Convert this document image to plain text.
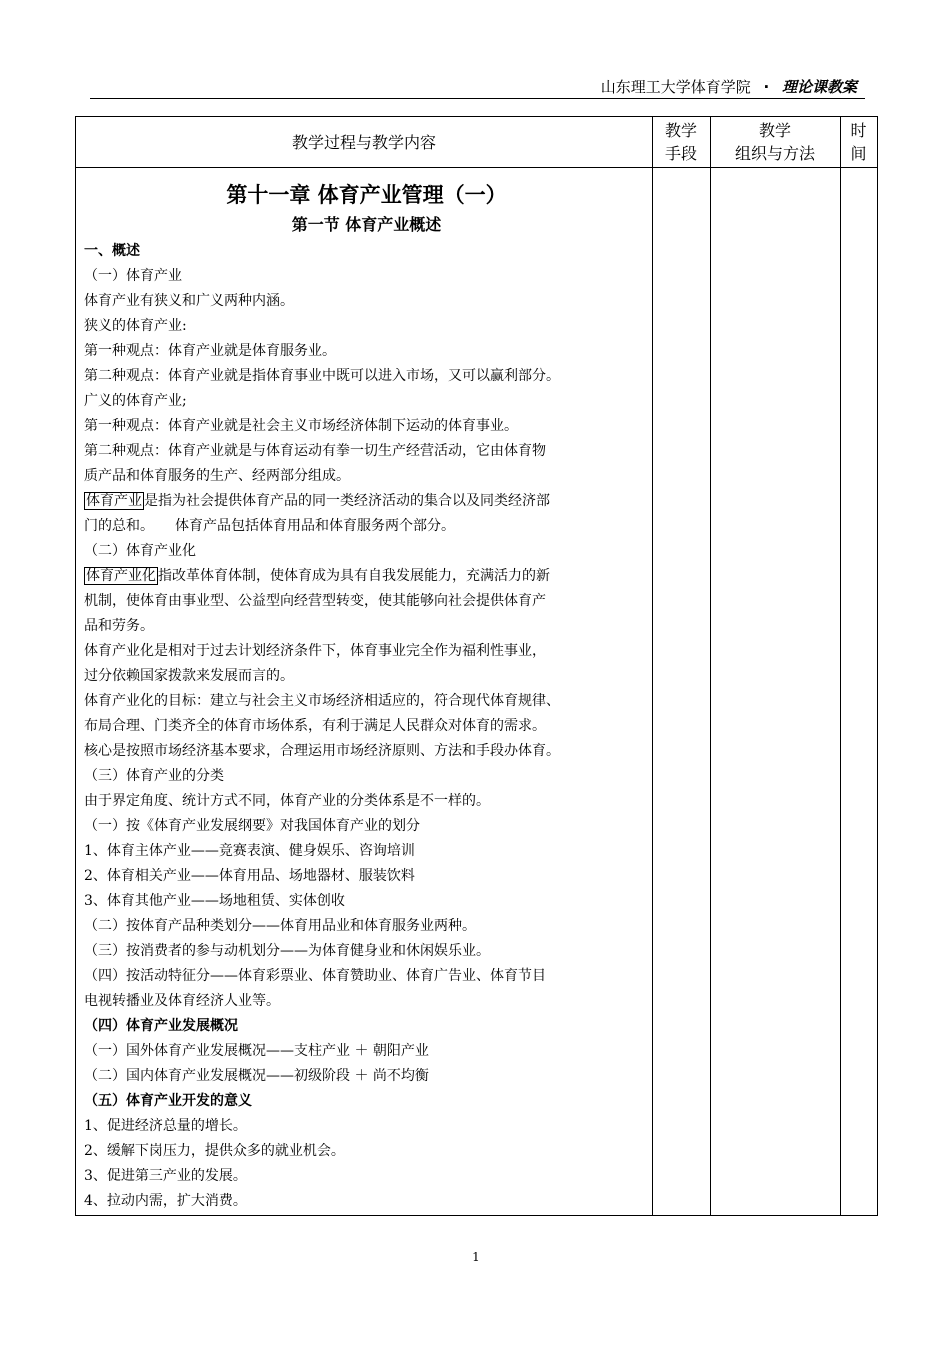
山东理工大学体育学院 · 理论课教案
教学过程与教学内容
教学
手段
教学
组织与方法
时
间
第十一章 体育产业管理（一）
第一节 体育产业概述
一、概述
（一）体育产业
体育产业有狭义和广义两种内涵。
狭义的体育产业:
第一种观点：体育产业就是体育服务业。
第二种观点：体育产业就是指体育事业中既可以进入市场，又可以赢利部分。
广义的体育产业;
第一种观点：体育产业就是社会主义市场经济体制下运动的体育事业。
第二种观点：体育产业就是与体育运动有拳一切生产经营活动，它由体育物
质产品和体育服务的生产、经两部分组成。
体育产业 是指为社会提供体育产品的同一类经济活动的集合以及同类经济部
门的总和。　　体育产品包括体育用品和体育服务两个部分。
（二）体育产业化
体育产业化 指改革体育体制，使体育成为具有自我发展能力，充满活力的新
机制，使体育由事业型、公益型向经营型转变，使其能够向社会提供体育产
品和劳务。
体育产业化是相对于过去计划经济条件下，体育事业完全作为福利性事业，
过分依赖国家拨款来发展而言的。
体育产业化的目标：建立与社会主义市场经济相适应的，符合现代体育规律、
布局合理、门类齐全的体育市场体系，有利于满足人民群众对体育的需求。
核心是按照市场经济基本要求，合理运用市场经济原则、方法和手段办体育。
（三）体育产业的分类
由于界定角度、统计方式不同，体育产业的分类体系是不一样的。
（一）按《体育产业发展纲要》对我国体育产业的划分
1、体育主体产业——竞赛表演、健身娱乐、咨询培训
2、体育相关产业——体育用品、场地器材、服装饮料
3、体育其他产业——场地租赁、实体创收
（二）按体育产品种类划分——体育用品业和体育服务业两种。
（三）按消费者的参与动机划分——为体育健身业和休闲娱乐业。
（四）按活动特征分——体育彩票业、体育赞助业、体育广告业、体育节目
电视转播业及体育经济人业等。
（四）体育产业发展概况
（一）国外体育产业发展概况——支柱产业 ＋ 朝阳产业
（二）国内体育产业发展概况——初级阶段 ＋ 尚不均衡
（五）体育产业开发的意义
1、促进经济总量的增长。
2、缓解下岗压力，提供众多的就业机会。
3、促进第三产业的发展。
4、拉动内需，扩大消费。
1
